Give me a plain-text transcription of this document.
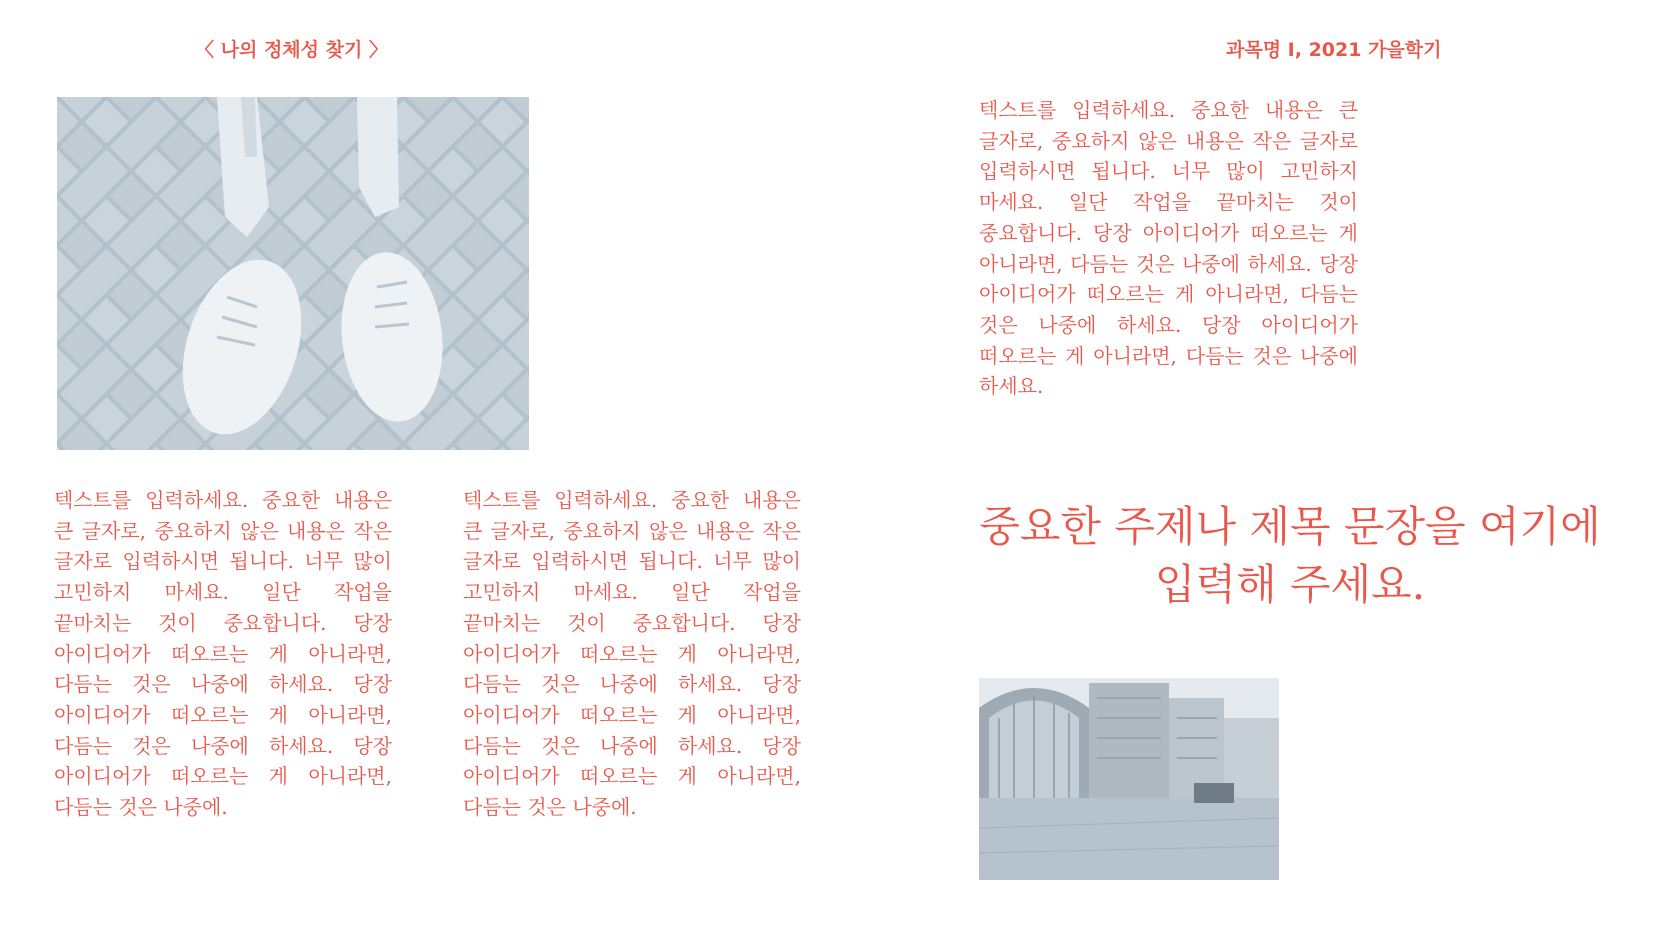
〈 나의 정체성 찾기 〉	과목명 I, 2021 가을학기
텍스트를 입력하세요. 중요한 내용은 큰 글자로, 중요하지 않은 내용은 작은 글자로 입력하시면 됩니다. 너무 많이 고민하지 마세요. 일단 작업을 끝마치는 것이 중요합니다. 당장 아이디어가 떠오르는 게 아니라면, 다듬는 것은 나중에 하세요. 당장 아이디어가 떠오르는 게 아니라면, 다듬는 것은 나중에 하세요. 당장 아이디어가 떠오르는 게 아니라면, 다듬는 것은 나중에.
텍스트를 입력하세요. 중요한 내용은 큰 글자로, 중요하지 않은 내용은 작은 글자로 입력하시면 됩니다. 너무 많이 고민하지 마세요. 일단 작업을 끝마치는 것이 중요합니다. 당장 아이디어가 떠오르는 게 아니라면, 다듬는 것은 나중에 하세요. 당장 아이디어가 떠오르는 게 아니라면, 다듬는 것은 나중에 하세요. 당장 아이디어가 떠오르는 게 아니라면, 다듬는 것은 나중에.
텍스트를 입력하세요. 중요한 내용은 큰 글자로, 중요하지 않은 내용은 작은 글자로 입력하시면 됩니다. 너무 많이 고민하지 마세요. 일단 작업을 끝마치는 것이 중요합니다. 당장 아이디어가 떠오르는 게 아니라면, 다듬는 것은 나중에 하세요. 당장 아이디어가 떠오르는 게 아니라면, 다듬는 것은 나중에 하세요. 당장 아이디어가 떠오르는 게 아니라면, 다듬는 것은 나중에 하세요.
중요한 주제나 제목 문장을 여기에 입력해 주세요.
